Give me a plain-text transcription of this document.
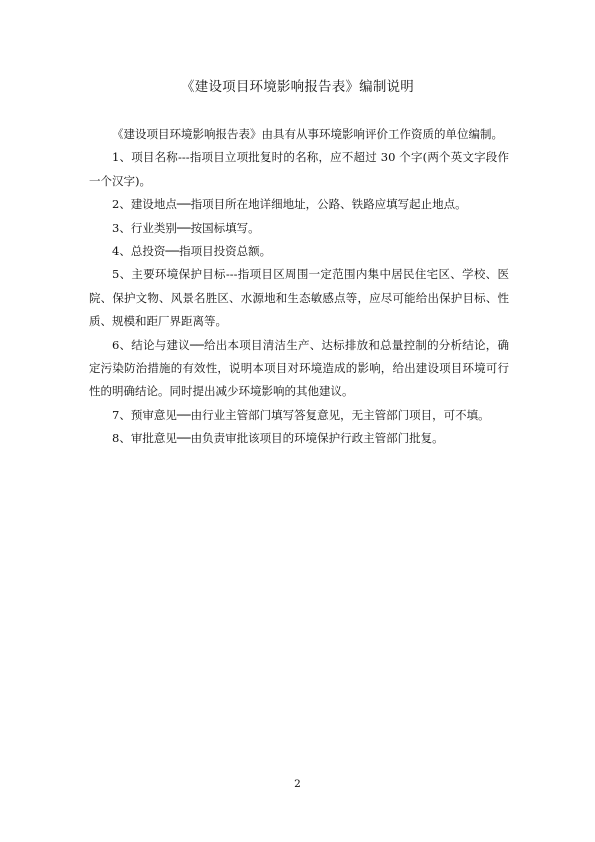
《建设项目环境影响报告表》编制说明

《建设项目环境影响报告表》由具有从事环境影响评价工作资质的单位编制。

1、项目名称---指项目立项批复时的名称，应不超过 30 个字(两个英文字段作一个汉字)。

2、建设地点──指项目所在地详细地址，公路、铁路应填写起止地点。

3、行业类别──按国标填写。

4、总投资──指项目投资总额。

5、主要环境保护目标---指项目区周围一定范围内集中居民住宅区、学校、医院、保护文物、风景名胜区、水源地和生态敏感点等，应尽可能给出保护目标、性质、规模和距厂界距离等。

6、结论与建议──给出本项目清洁生产、达标排放和总量控制的分析结论，确定污染防治措施的有效性，说明本项目对环境造成的影响，给出建设项目环境可行性的明确结论。同时提出减少环境影响的其他建议。

7、预审意见──由行业主管部门填写答复意见，无主管部门项目，可不填。

8、审批意见──由负责审批该项目的环境保护行政主管部门批复。

2
